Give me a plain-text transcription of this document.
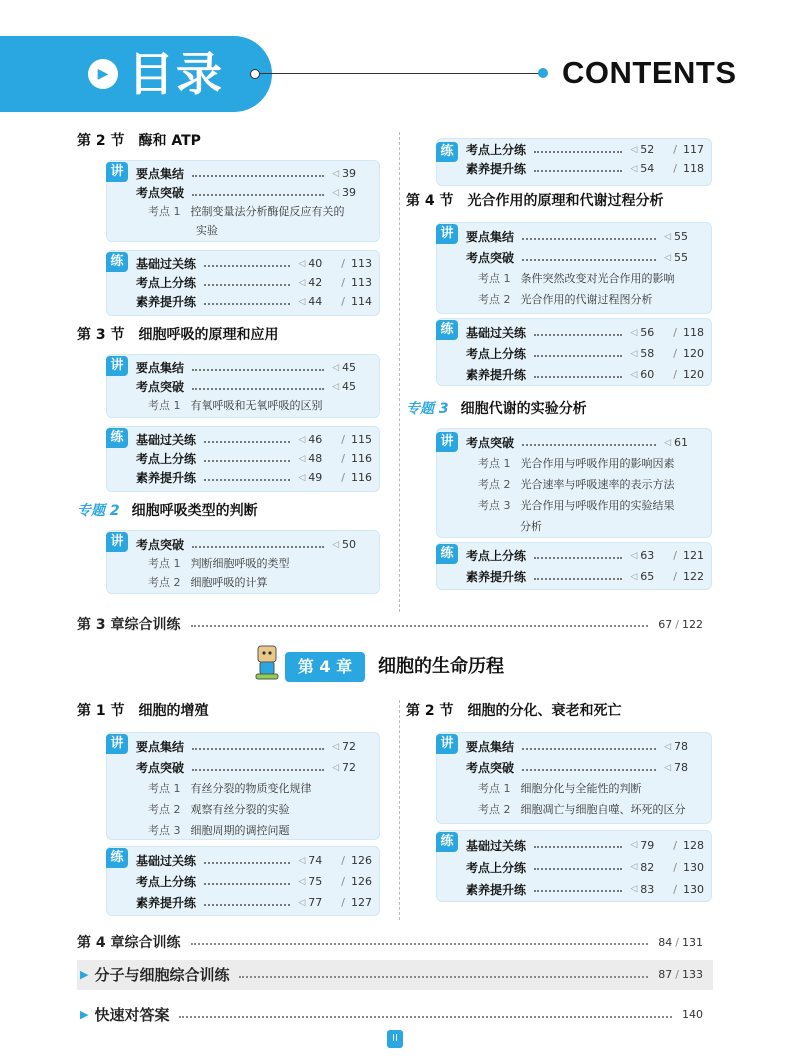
▶ 目录	CONTENTS
第 2 节 酶和 ATP
讲	要点集结	◁ 39
考点突破	◁ 39
考点 1 控制变量法分析酶促反应有关的
实验
练	基础过关练	◁ 40	/ 113
考点上分练	◁ 42	/ 113
素养提升练	◁ 44	/ 114
第 3 节 细胞呼吸的原理和应用
讲	要点集结	◁ 45
考点突破	◁ 45
考点 1 有氧呼吸和无氧呼吸的区别
练	基础过关练	◁ 46	/ 115
考点上分练	◁ 48	/ 116
素养提升练	◁ 49	/ 116
专题 2 细胞呼吸类型的判断
讲	考点突破	◁ 50
考点 1 判断细胞呼吸的类型
考点 2 细胞呼吸的计算
练	考点上分练	◁ 52	/ 117
素养提升练	◁ 54	/ 118
第 4 节 光合作用的原理和代谢过程分析
讲	要点集结	◁ 55
考点突破	◁ 55
考点 1 条件突然改变对光合作用的影响
考点 2 光合作用的代谢过程图分析
练	基础过关练	◁ 56	/ 118
考点上分练	◁ 58	/ 120
素养提升练	◁ 60	/ 120
专题 3 细胞代谢的实验分析
讲	考点突破	◁ 61
考点 1 光合作用与呼吸作用的影响因素
考点 2 光合速率与呼吸速率的表示方法
考点 3 光合作用与呼吸作用的实验结果
分析
练	考点上分练	◁ 63	/ 121
素养提升练	◁ 65	/ 122
第 3 章综合训练	67 / 122
第 4 章	细胞的生命历程
第 1 节 细胞的增殖
讲	要点集结	◁ 72
考点突破	◁ 72
考点 1 有丝分裂的物质变化规律
考点 2 观察有丝分裂的实验
考点 3 细胞周期的调控问题
练	基础过关练	◁ 74	/ 126
考点上分练	◁ 75	/ 126
素养提升练	◁ 77	/ 127
第 2 节 细胞的分化、衰老和死亡
讲	要点集结	◁ 78
考点突破	◁ 78
考点 1 细胞分化与全能性的判断
考点 2 细胞凋亡与细胞自噬、坏死的区分
练	基础过关练	◁ 79	/ 128
考点上分练	◁ 82	/ 130
素养提升练	◁ 83	/ 130
第 4 章综合训练	84 / 131
▶ 分子与细胞综合训练	87 / 133
▶ 快速对答案	140
II
